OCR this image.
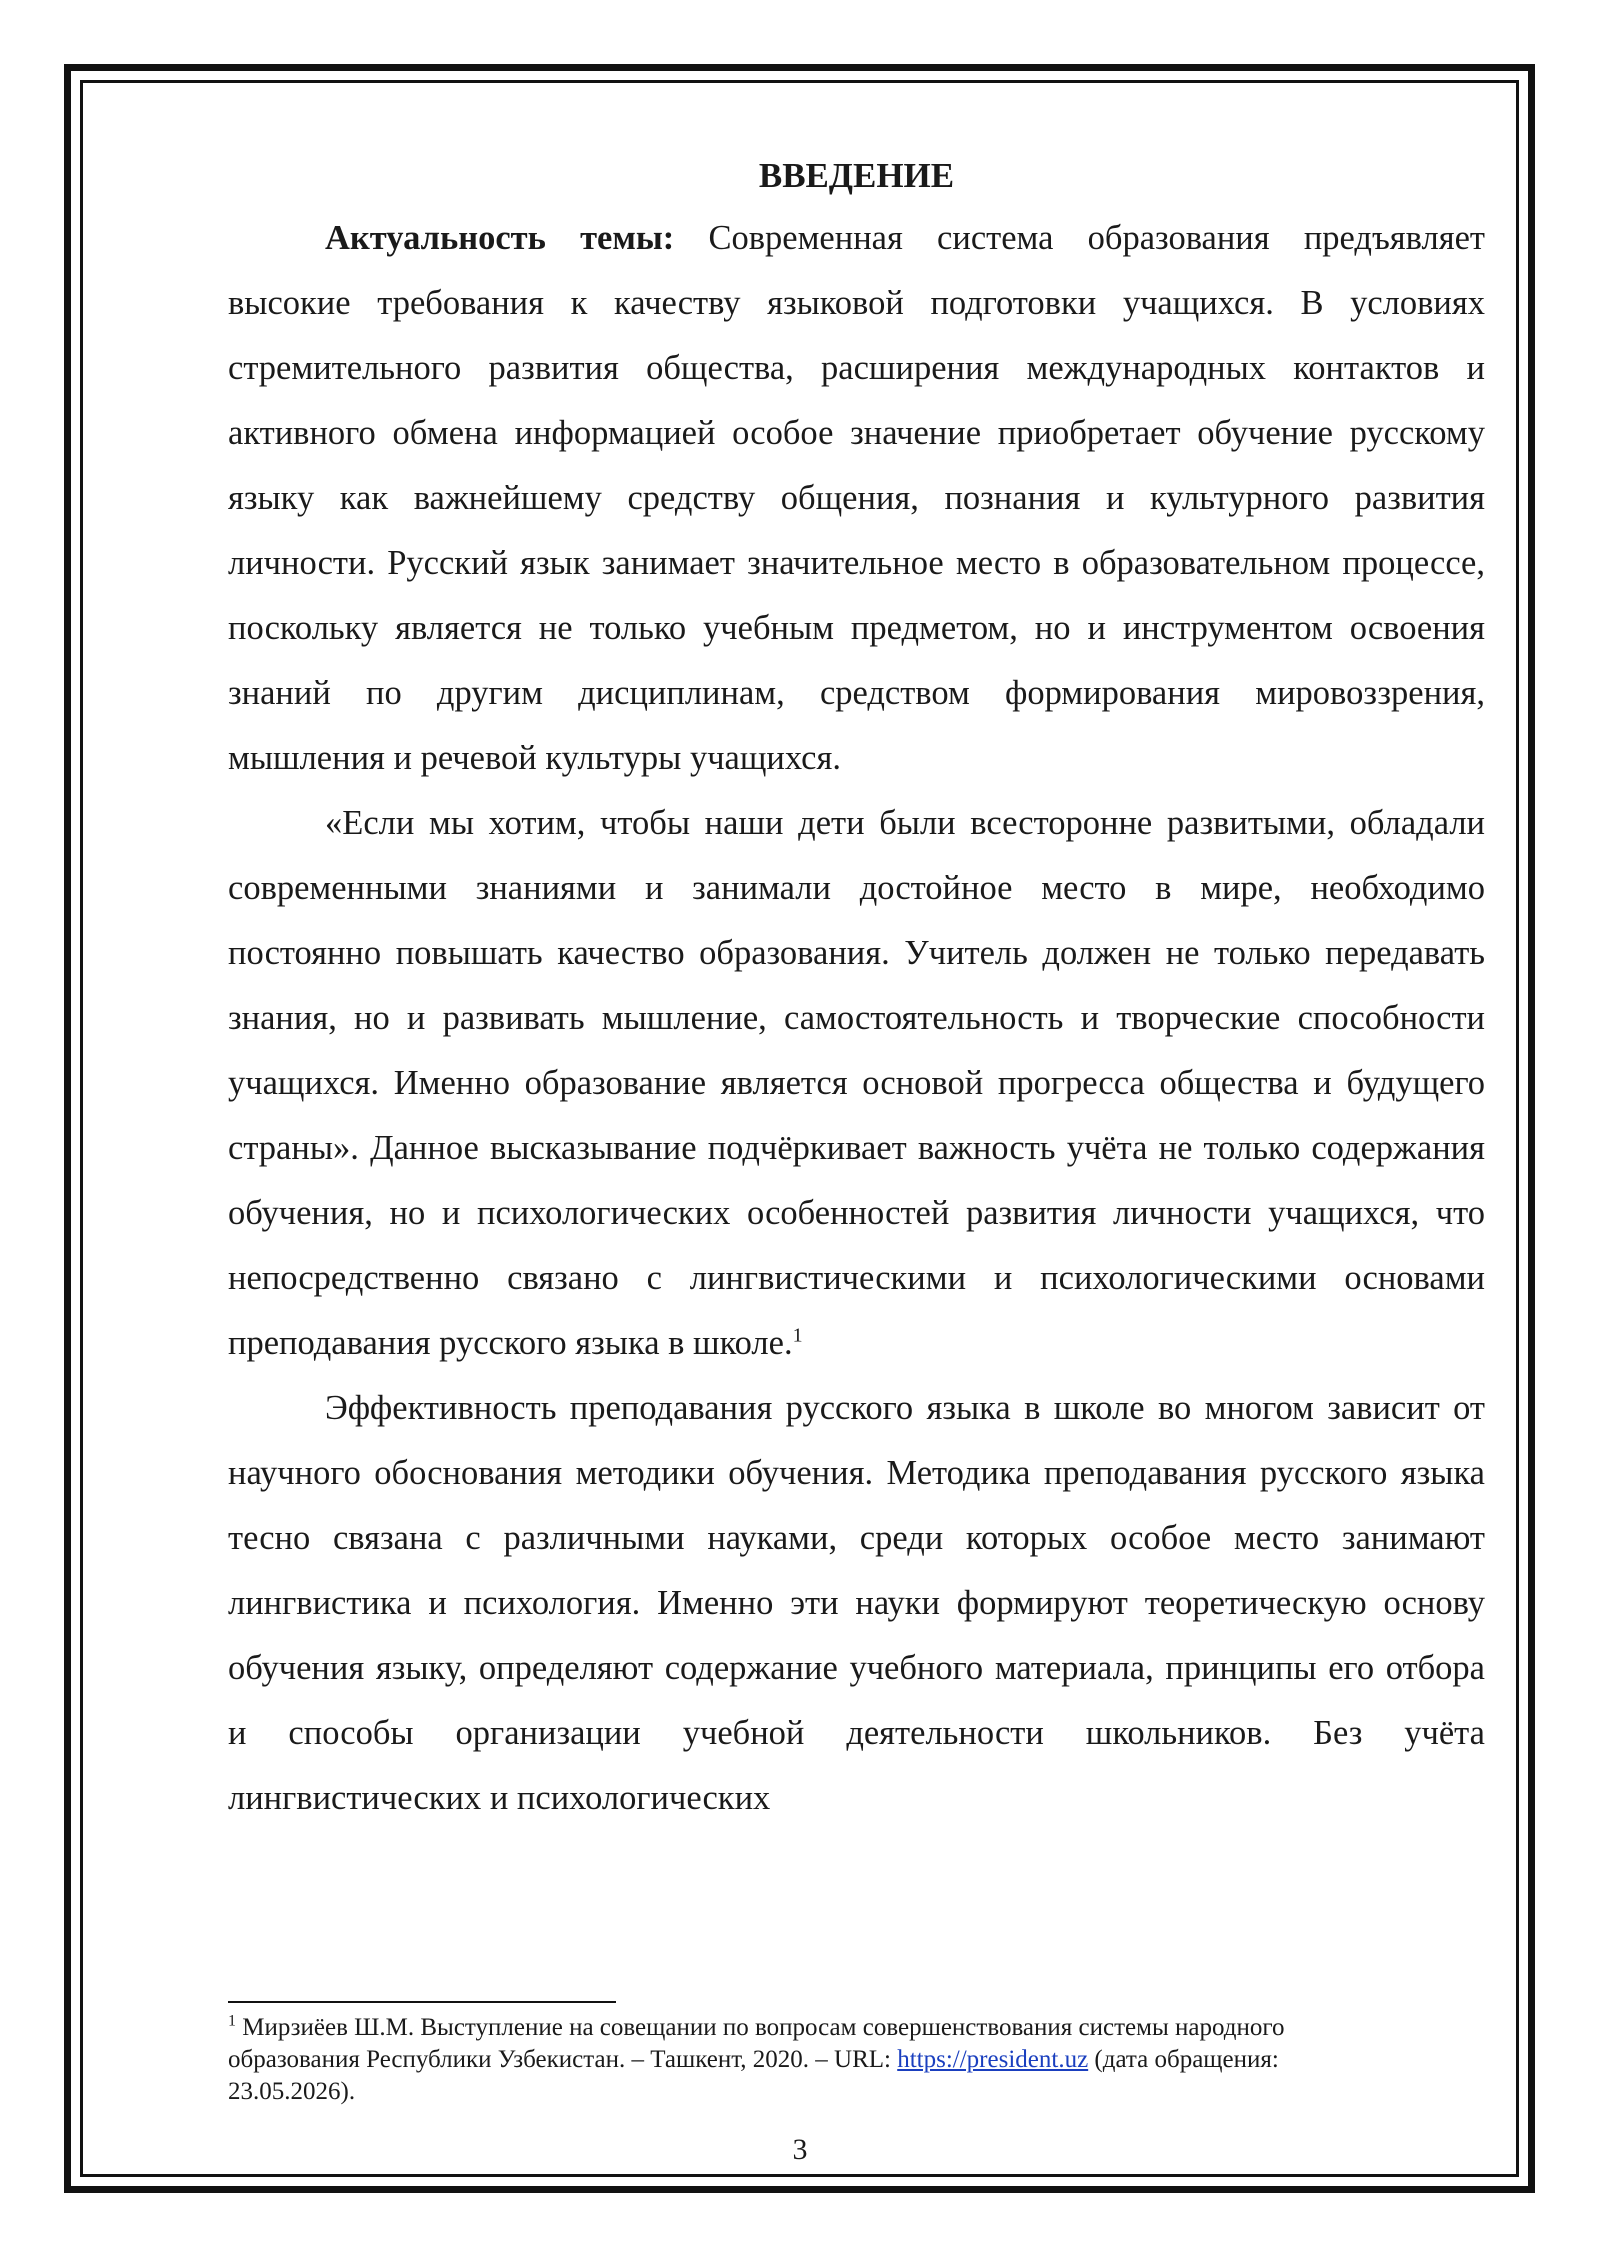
ВВЕДЕНИЕ

Актуальность темы: Современная система образования предъявляет высокие требования к качеству языковой подготовки учащихся. В условиях стремительного развития общества, расширения международных контактов и активного обмена информацией особое значение приобретает обучение русскому языку как важнейшему средству общения, познания и культурного развития личности. Русский язык занимает значительное место в образовательном процессе, поскольку является не только учебным предметом, но и инструментом освоения знаний по другим дисциплинам, средством формирования мировоззрения, мышления и речевой культуры учащихся.

«Если мы хотим, чтобы наши дети были всесторонне развитыми, обладали современными знаниями и занимали достойное место в мире, необходимо постоянно повышать качество образования. Учитель должен не только передавать знания, но и развивать мышление, самостоятельность и творческие способности учащихся. Именно образование является основой прогресса общества и будущего страны». Данное высказывание подчёркивает важность учёта не только содержания обучения, но и психологических особенностей развития личности учащихся, что непосредственно связано с лингвистическими и психологическими основами преподавания русского языка в школе.$^1$

Эффективность преподавания русского языка в школе во многом зависит от научного обоснования методики обучения. Методика преподавания русского языка тесно связана с различными науками, среди которых особое место занимают лингвистика и психология. Именно эти науки формируют теоретическую основу обучения языку, определяют содержание учебного материала, принципы его отбора и способы организации учебной деятельности школьников. Без учёта лингвистических и психологических

$^1$ Мирзиёев Ш.М. Выступление на совещании по вопросам совершенствования системы народного образования Республики Узбекистан. – Ташкент, 2020. – URL: https://president.uz (дата обращения: 23.05.2026).

3
